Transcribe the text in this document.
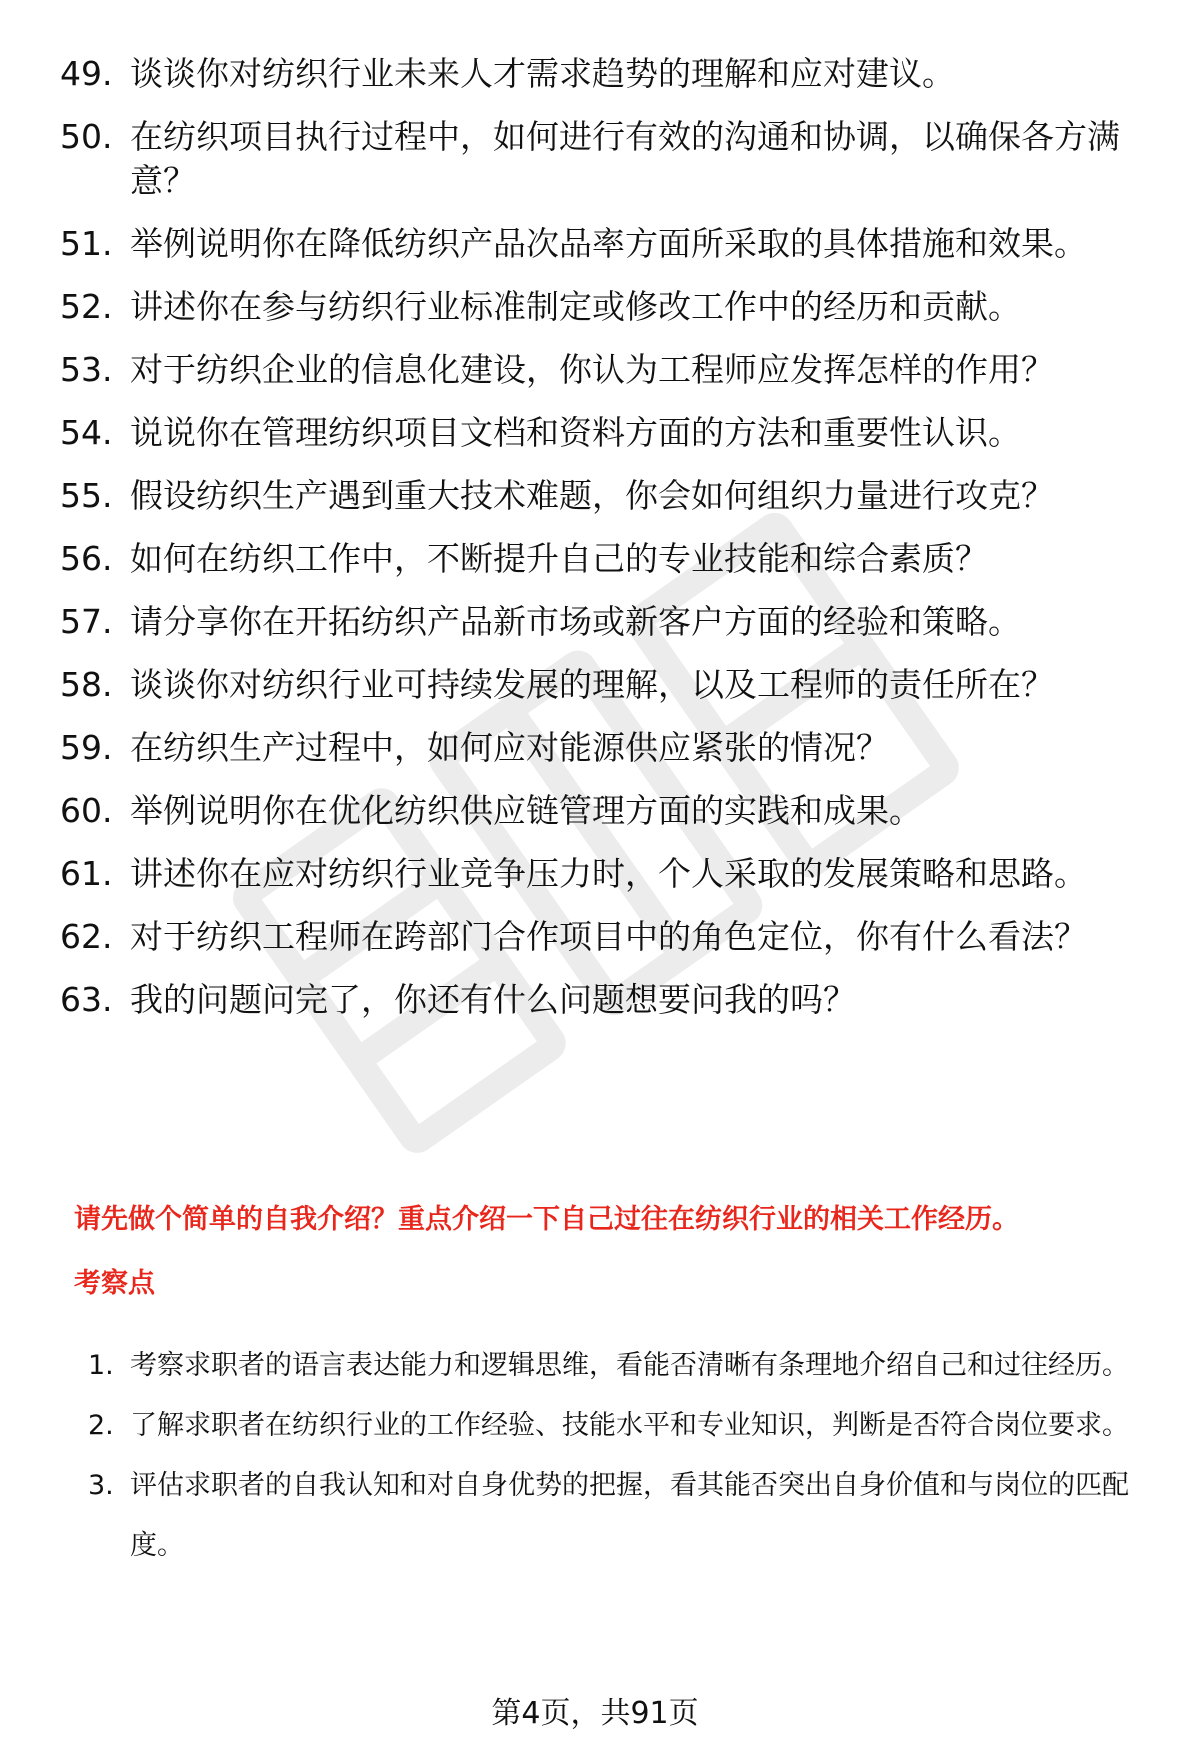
49. 谈谈你对纺织行业未来人才需求趋势的理解和应对建议。
50. 在纺织项目执行过程中，如何进行有效的沟通和协调，以确保各方满意？
51. 举例说明你在降低纺织产品次品率方面所采取的具体措施和效果。
52. 讲述你在参与纺织行业标准制定或修改工作中的经历和贡献。
53. 对于纺织企业的信息化建设，你认为工程师应发挥怎样的作用？
54. 说说你在管理纺织项目文档和资料方面的方法和重要性认识。
55. 假设纺织生产遇到重大技术难题，你会如何组织力量进行攻克？
56. 如何在纺织工作中，不断提升自己的专业技能和综合素质？
57. 请分享你在开拓纺织产品新市场或新客户方面的经验和策略。
58. 谈谈你对纺织行业可持续发展的理解，以及工程师的责任所在？
59. 在纺织生产过程中，如何应对能源供应紧张的情况？
60. 举例说明你在优化纺织供应链管理方面的实践和成果。
61. 讲述你在应对纺织行业竞争压力时，个人采取的发展策略和思路。
62. 对于纺织工程师在跨部门合作项目中的角色定位，你有什么看法？
63. 我的问题问完了，你还有什么问题想要问我的吗？
请先做个简单的自我介绍？重点介绍一下自己过往在纺织行业的相关工作经历。
考察点
1. 考察求职者的语言表达能力和逻辑思维，看能否清晰有条理地介绍自己和过往经历。
2. 了解求职者在纺织行业的工作经验、技能水平和专业知识，判断是否符合岗位要求。
3. 评估求职者的自我认知和对自身优势的把握，看其能否突出自身价值和与岗位的匹配度。
第4页，共91页
